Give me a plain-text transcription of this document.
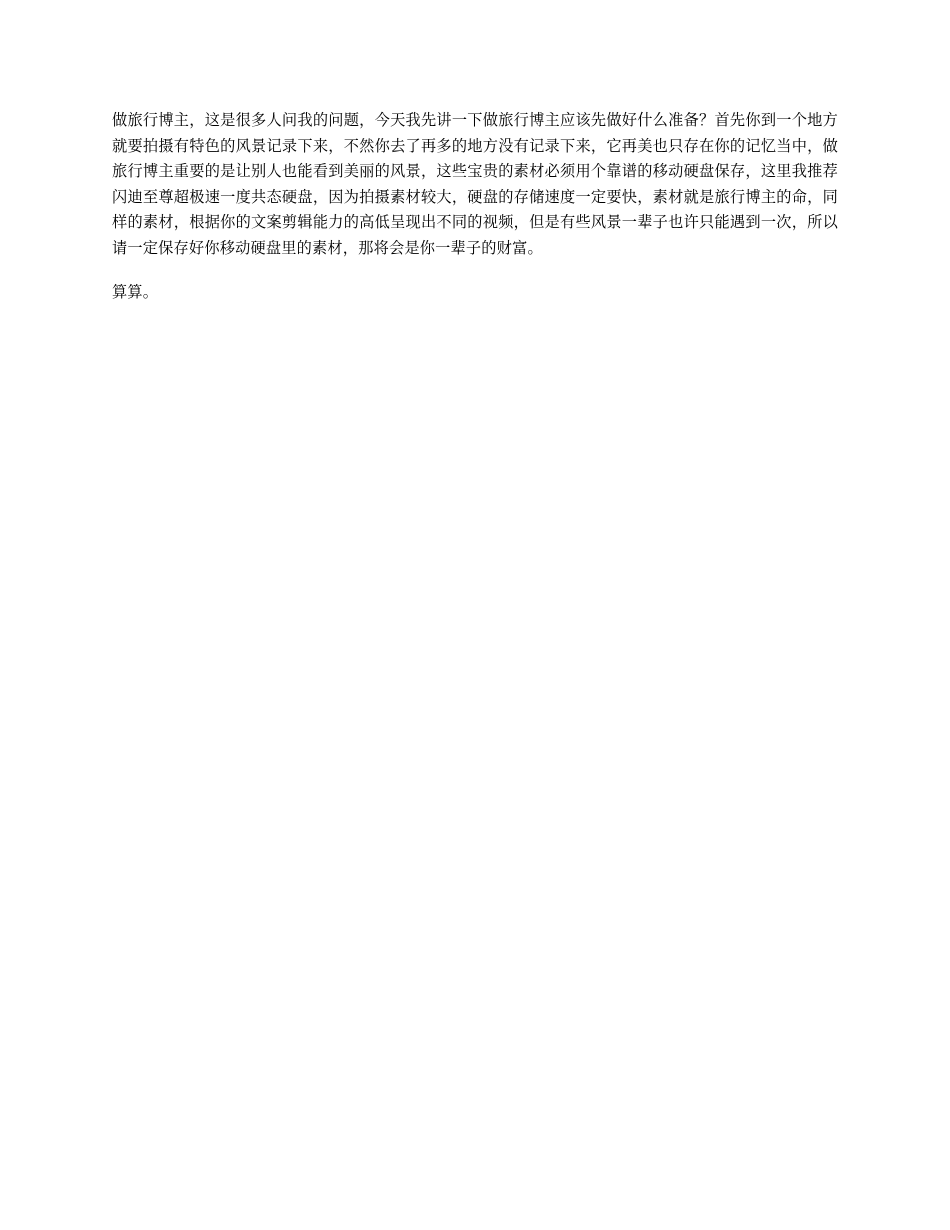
做旅行博主，这是很多人问我的问题，今天我先讲一下做旅行博主应该先做好什么准备？首先你到一个地方就要拍摄有特色的风景记录下来，不然你去了再多的地方没有记录下来，它再美也只存在你的记忆当中，做旅行博主重要的是让别人也能看到美丽的风景，这些宝贵的素材必须用个靠谱的移动硬盘保存，这里我推荐闪迪至尊超极速一度共态硬盘，因为拍摄素材较大，硬盘的存储速度一定要快，素材就是旅行博主的命，同样的素材，根据你的文案剪辑能力的高低呈现出不同的视频，但是有些风景一辈子也许只能遇到一次，所以请一定保存好你移动硬盘里的素材，那将会是你一辈子的财富。

算算。
